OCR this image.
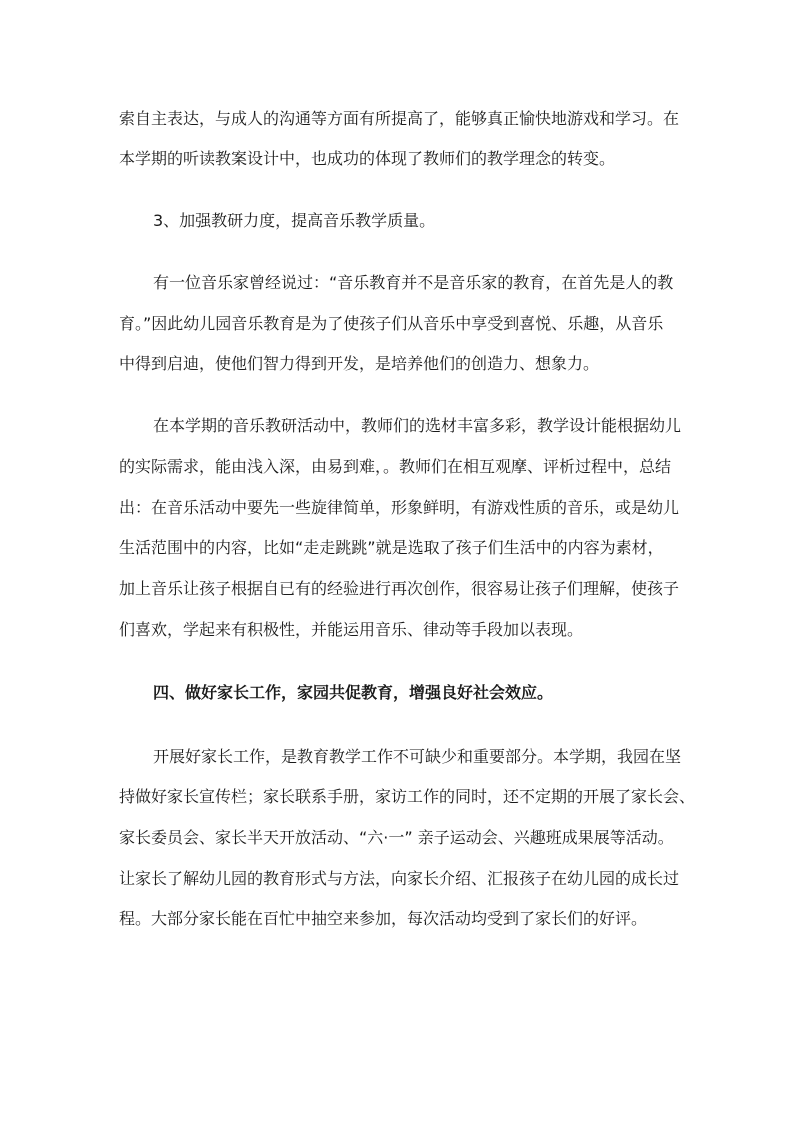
索自主表达，与成人的沟通等方面有所提高了，能够真正愉快地游戏和学习。在
本学期的听读教案设计中，也成功的体现了教师们的教学理念的转变。
3、加强教研力度，提高音乐教学质量。
有一位音乐家曾经说过：“音乐教育并不是音乐家的教育，在首先是人的教
育。”因此幼儿园音乐教育是为了使孩子们从音乐中享受到喜悦、乐趣，从音乐
中得到启迪，使他们智力得到开发，是培养他们的创造力、想象力。
在本学期的音乐教研活动中，教师们的选材丰富多彩，教学设计能根据幼儿
的实际需求，能由浅入深，由易到难，。教师们在相互观摩、评析过程中，总结
出：在音乐活动中要先一些旋律简单，形象鲜明，有游戏性质的音乐，或是幼儿
生活范围中的内容，比如“走走跳跳”就是选取了孩子们生活中的内容为素材，
加上音乐让孩子根据自已有的经验进行再次创作，很容易让孩子们理解，使孩子
们喜欢，学起来有积极性，并能运用音乐、律动等手段加以表现。
四、做好家长工作，家园共促教育，增强良好社会效应。
开展好家长工作，是教育教学工作不可缺少和重要部分。本学期，我园在坚
持做好家长宣传栏；家长联系手册，家访工作的同时，还不定期的开展了家长会、
家长委员会、家长半天开放活动、“六·一” 亲子运动会、兴趣班成果展等活动。
让家长了解幼儿园的教育形式与方法，向家长介绍、汇报孩子在幼儿园的成长过
程。大部分家长能在百忙中抽空来参加，每次活动均受到了家长们的好评。
